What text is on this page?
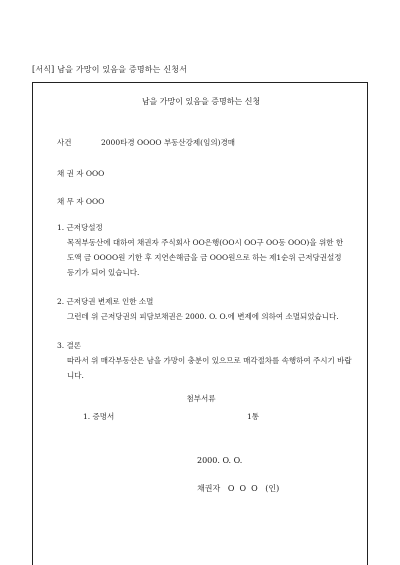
[서식] 남을 가망이 있음을 증명하는 신청서
남을 가망이 있음을 증명하는 신청
사건	2000타경 OOOO 부동산강제(임의)경매
채 권 자 OOO
채 무 자 OOO
1. 근저당설정
목적부동산에 대하여 채권자 주식회사 OO은행(OO시 OO구 OO동 OOO)을 위한 한도액 금 OOOO원 기한 후 지연손해금을 금 OOO원으로 하는 제1순위 근저당권설정등기가 되어 있습니다.
2. 근저당권 변제로 인한 소멸
그런데 위 근저당권의 피담보채권은 2000. O. O.에 변제에 의하여 소멸되었습니다.
3. 결론
따라서 위 매각부동산은 남을 가망이 충분이 있으므로 매각절차를 속행하여 주시기 바랍니다.
첨부서류
1. 증명서	1통
2000. O. O.
채권자   O  O  O   (인)
